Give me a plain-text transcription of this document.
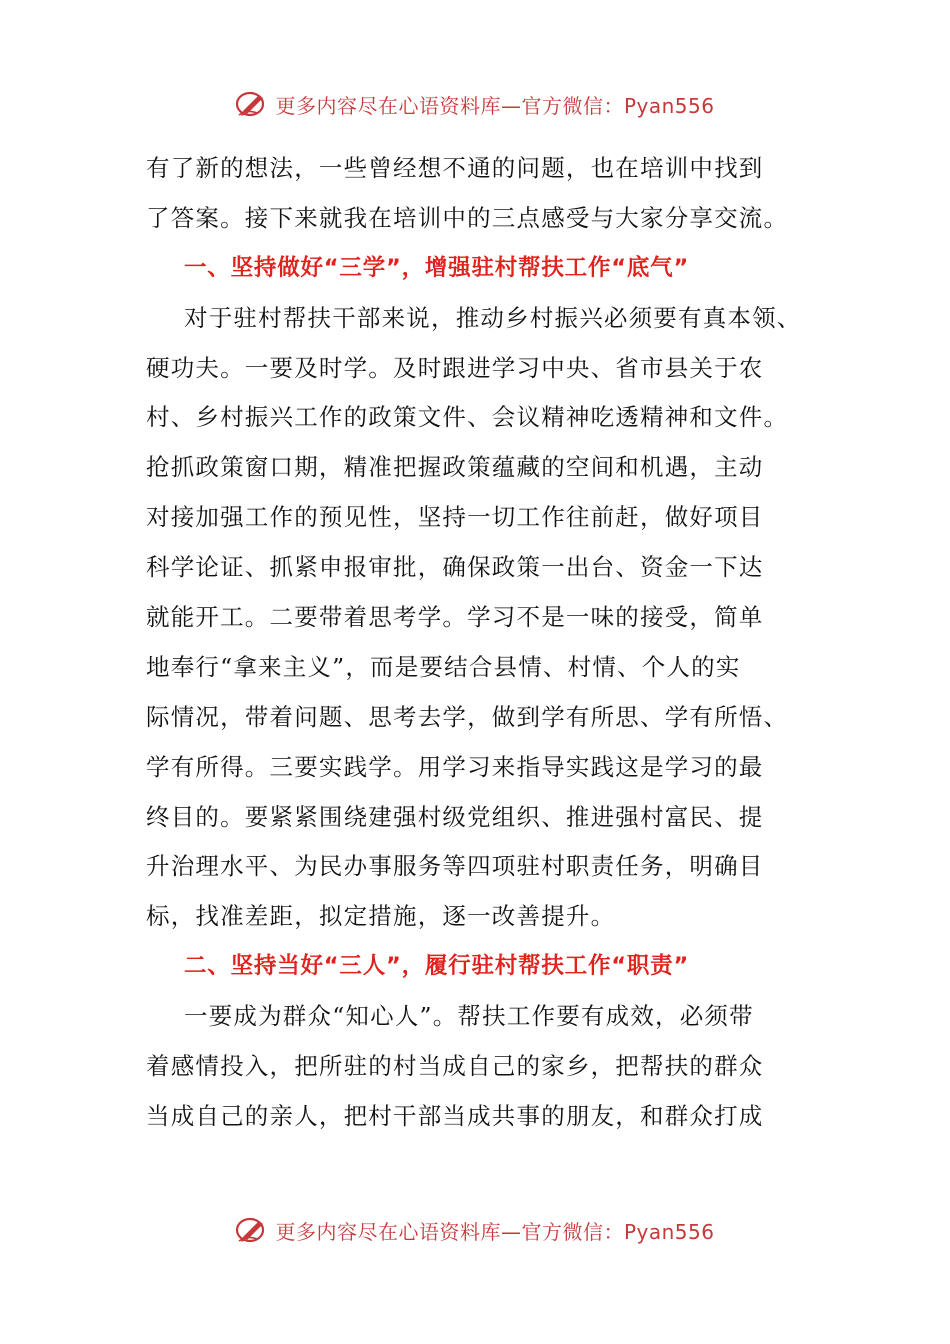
更多内容尽在心语资料库—官方微信：Pyan556
有了新的想法，一些曾经想不通的问题，也在培训中找到
了答案。接下来就我在培训中的三点感受与大家分享交流。
一、坚持做好“三学”，增强驻村帮扶工作“底气”
对于驻村帮扶干部来说，推动乡村振兴必须要有真本领、
硬功夫。一要及时学。及时跟进学习中央、省市县关于农
村、乡村振兴工作的政策文件、会议精神吃透精神和文件。
抢抓政策窗口期，精准把握政策蕴藏的空间和机遇，主动
对接加强工作的预见性，坚持一切工作往前赶，做好项目
科学论证、抓紧申报审批，确保政策一出台、资金一下达
就能开工。二要带着思考学。学习不是一味的接受，简单
地奉行“拿来主义”，而是要结合县情、村情、个人的实
际情况，带着问题、思考去学，做到学有所思、学有所悟、
学有所得。三要实践学。用学习来指导实践这是学习的最
终目的。要紧紧围绕建强村级党组织、推进强村富民、提
升治理水平、为民办事服务等四项驻村职责任务，明确目
标，找准差距，拟定措施，逐一改善提升。
二、坚持当好“三人”，履行驻村帮扶工作“职责”
一要成为群众“知心人”。帮扶工作要有成效，必须带
着感情投入，把所驻的村当成自己的家乡，把帮扶的群众
当成自己的亲人，把村干部当成共事的朋友，和群众打成
更多内容尽在心语资料库—官方微信：Pyan556
